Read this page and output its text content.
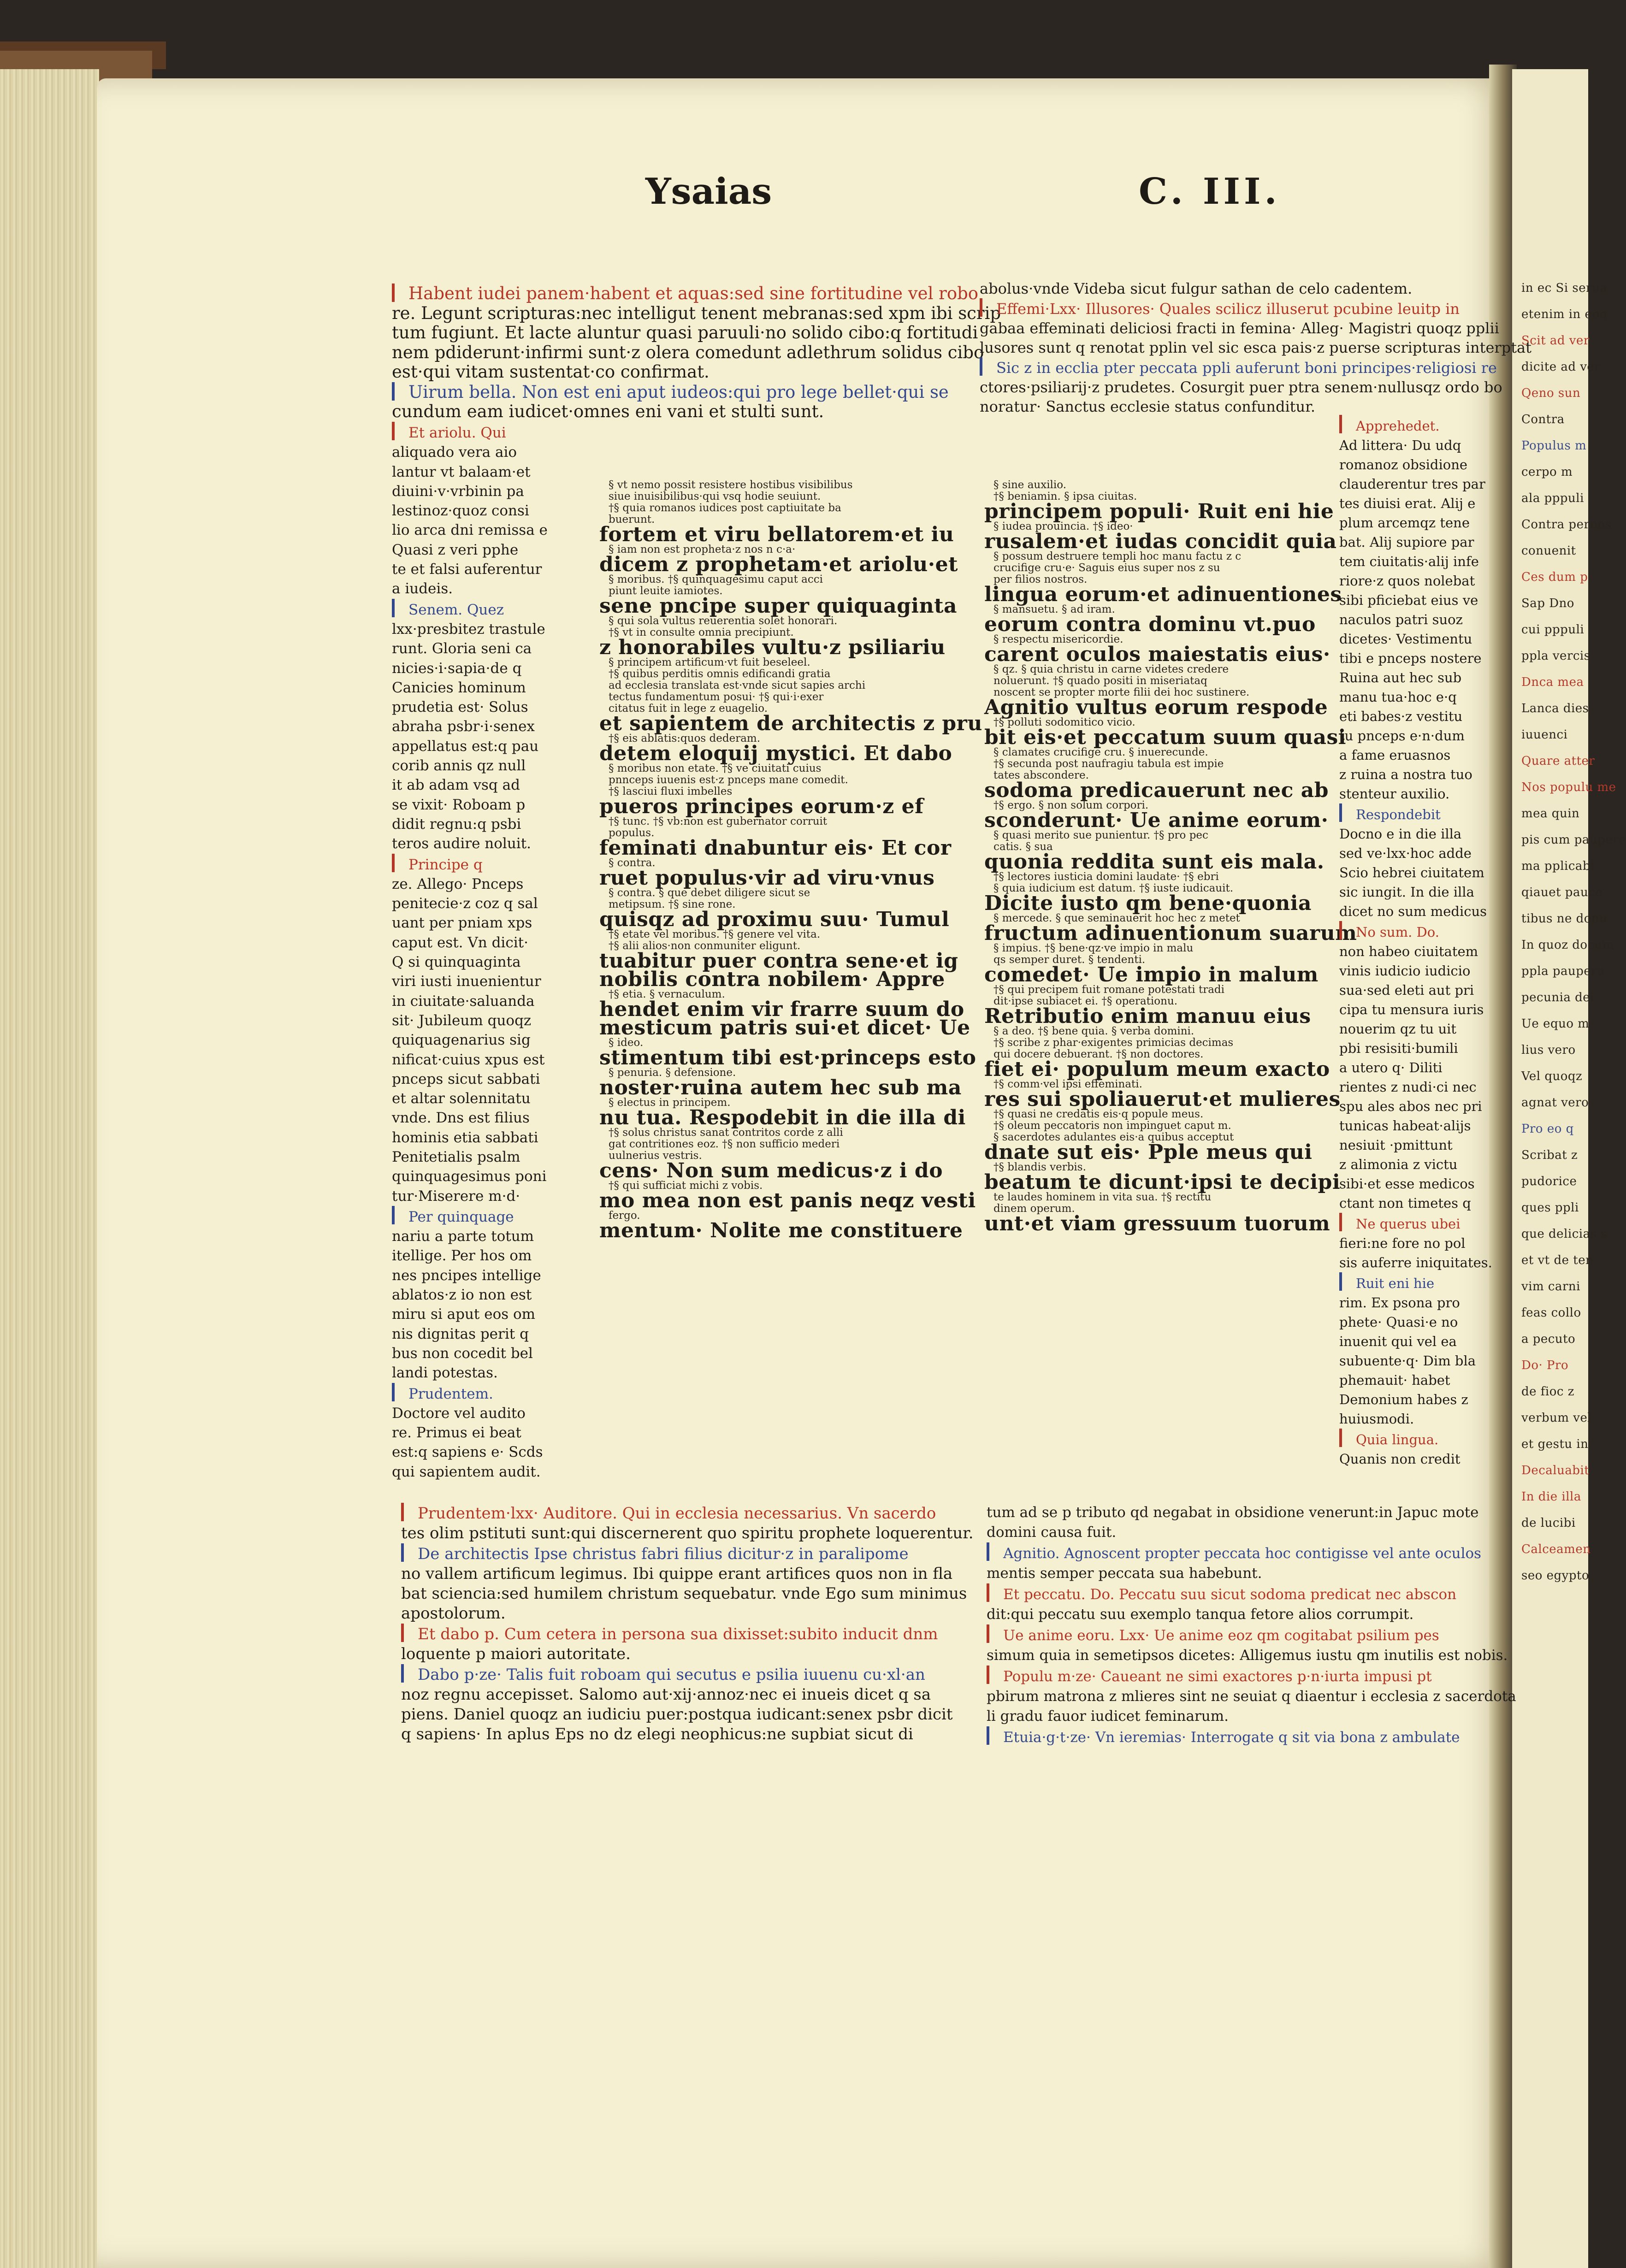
in ec Si serua
etenim in eoq
Scit ad ver
dicite ad ver
Qeno sun
Contra
Populus m
cerpo m
ala pppuli
Contra pernos
conuenit
Ces dum p
Sap Dno
cui pppuli
ppla vercis
Dnca mea
Lanca dies
iuuenci
Quare atter
Nos populu me
mea quin
pis cum paupere
ma pplicabi
qiauet pauce
tibus ne donu
In quoz docum
ppla pauperu
pecunia dei
Ue equo m
lius vero
Vel quoqz
agnat vero
Pro eo q
Scribat z
pudorice
ques ppli
que delicias s
et vt de ten
vim carni
feas collo
a pecuto
Do· Pro
de fioc z
verbum vel
et gestu in
Decaluabit
In die illa
de lucibi
Calceamen
seo egypto
Ysaias	C. III.
Habent iudei panem·habent et aquas:sed sine fortitudine vel robo
re. Legunt scripturas:nec intelligut tenent mebranas:sed xpm ibi scrip
tum fugiunt. Et lacte aluntur quasi paruuli·no solido cibo:q fortitudi
nem pdiderunt·infirmi sunt·z olera comedunt adlethrum solidus cibo
est·qui vitam sustentat·co confirmat.
Uirum bella. Non est eni aput iudeos:qui pro lege bellet·qui se
cundum eam iudicet·omnes eni vani et stulti sunt.
Et ariolu. Qui
aliquado vera aio
lantur vt balaam·et
diuini·v·vrbinin pa
lestinoz·quoz consi
lio arca dni remissa e
Quasi z veri pphe
te et falsi auferentur
a iudeis.
Senem. Quez
lxx·presbitez trastule
runt. Gloria seni ca
nicies·i·sapia·de q
Canicies hominum
prudetia est· Solus
abraha psbr·i·senex
appellatus est:q pau
corib annis qz null
it ab adam vsq ad
se vixit· Roboam p
didit regnu:q psbi
teros audire noluit.
Principe q
ze. Allego· Pnceps
penitecie·z coz q sal
uant per pniam xps
caput est. Vn dicit·
Q si quinquaginta
viri iusti inuenientur
in ciuitate·saluanda
sit· Jubileum quoqz
quiquagenarius sig
nificat·cuius xpus est
pnceps sicut sabbati
et altar solennitatu
vnde. Dns est filius
hominis etia sabbati
Penitetialis psalm
quinquagesimus poni
tur·Miserere m·d·
Per quinquage
nariu a parte totum
itellige. Per hos om
nes pncipes intellige
ablatos·z io non est
miru si aput eos om
nis dignitas perit q
bus non cocedit bel
landi potestas.
Prudentem.
Doctore vel audito
re. Primus ei beat
est:q sapiens e· Scds
qui sapientem audit.
§ vt nemo possit resistere hostibus visibilibus
siue inuisibilibus·qui vsq hodie seuiunt.
†§ quia romanos iudices post captiuitate ba
buerunt.
fortem et viru bellatorem·et iu
§ iam non est propheta·z nos n c·a·
dicem z prophetam·et ariolu·et
§ moribus. †§ quinquagesimu caput acci
piunt leuite iamiotes.
sene pncipe super quiquaginta
§ qui sola vultus reuerentia solet honorari.
†§ vt in consulte omnia precipiunt.
z honorabiles vultu·z psiliariu
§ principem artificum·vt fuit beseleel.
†§ quibus perditis omnis edificandi gratia
ad ecclesia translata est·vnde sicut sapies archi
tectus fundamentum posui· †§ qui·i·exer
citatus fuit in lege z euagelio.
et sapientem de architectis z pru
†§ eis ablatis:quos dederam.
detem eloquij mystici. Et dabo
§ moribus non etate. †§ ve ciuitati cuius
pnnceps iuuenis est·z pnceps mane comedit.
†§ lasciui fluxi imbelles
pueros principes eorum·z ef
†§ tunc. †§ vb:non est gubernator corruit
populus.
feminati dnabuntur eis· Et cor
§ contra.
ruet populus·vir ad viru·vnus
§ contra. § que debet diligere sicut se
metipsum. †§ sine rone.
quisqz ad proximu suu· Tumul
†§ etate vel moribus. †§ genere vel vita.
†§ alii alios·non conmuniter eligunt.
tuabitur puer contra sene·et ig
nobilis contra nobilem· Appre
†§ etia. § vernaculum.
hendet enim vir frarre suum do
mesticum patris sui·et dicet· Ue
§ ideo.
stimentum tibi est·princeps esto
§ penuria. § defensione.
noster·ruina autem hec sub ma
§ electus in principem.
nu tua. Respodebit in die illa di
†§ solus christus sanat contritos corde z alli
gat contritiones eoz. †§ non sufficio mederi
uulnerius vestris.
cens· Non sum medicus·z i do
†§ qui sufficiat michi z vobis.
mo mea non est panis neqz vesti
fergo.
mentum· Nolite me constituere
abolus·vnde Videba sicut fulgur sathan de celo cadentem.
Effemi·Lxx· Illusores· Quales scilicz illuserut pcubine leuitp in
gabaa effeminati deliciosi fracti in femina· Alleg· Magistri quoqz pplii
lusores sunt q renotat pplin vel sic esca pais·z puerse scripturas interptat
Sic z in ecclia pter peccata ppli auferunt boni principes·religiosi re
ctores·psiliarij·z prudetes. Cosurgit puer ptra senem·nullusqz ordo bo
noratur· Sanctus ecclesie status confunditur.
§ sine auxilio.
†§ beniamin. § ipsa ciuitas.
principem populi· Ruit eni hie
§ iudea prouincia. †§ ideo·
rusalem·et iudas concidit quia
§ possum destruere templi hoc manu factu z c
crucifige cru·e· Saguis eius super nos z su
per filios nostros.
lingua eorum·et adinuentiones
§ mansuetu. § ad iram.
eorum contra dominu vt.puo
§ respectu misericordie.
carent oculos maiestatis eius·
§ qz. § quia christu in carne videtes credere
noluerunt. †§ quado positi in miseriataq
noscent se propter morte filii dei hoc sustinere.
Agnitio vultus eorum respode
†§ polluti sodomitico vicio.
bit eis·et peccatum suum quasi
§ clamates crucifige cru. § inuerecunde.
†§ secunda post naufragiu tabula est impie
tates abscondere.
sodoma predicauerunt nec ab
†§ ergo. § non solum corpori.
sconderunt· Ue anime eorum·
§ quasi merito sue punientur. †§ pro pec
catis. § sua
quonia reddita sunt eis mala.
†§ lectores iusticia domini laudate· †§ ebri
§ quia iudicium est datum. †§ iuste iudicauit.
Dicite iusto qm bene·quonia
§ mercede. § que seminauerit hoc hec z metet
fructum adinuentionum suarum
§ impius. †§ bene·qz·ve impio in malu
qs semper duret. § tendenti.
comedet· Ue impio in malum
†§ qui precipem fuit romane potestati tradi
dit·ipse subiacet ei. †§ operationu.
Retributio enim manuu eius
§ a deo. †§ bene quia. § verba domini.
†§ scribe z phar·exigentes primicias decimas
qui docere debuerant. †§ non doctores.
fiet ei· populum meum exacto
†§ comm·vel ipsi effeminati.
res sui spoliauerut·et mulieres
†§ quasi ne credatis eis·q popule meus.
†§ oleum peccatoris non impinguet caput m.
§ sacerdotes adulantes eis·a quibus acceptut
dnate sut eis· Pple meus qui
†§ blandis verbis.
beatum te dicunt·ipsi te decipi
te laudes hominem in vita sua. †§ rectitu
dinem operum.
unt·et viam gressuum tuorum
Apprehedet.
Ad littera· Du udq
romanoz obsidione
clauderentur tres par
tes diuisi erat. Alij e
plum arcemqz tene
bat. Alij supiore par
tem ciuitatis·alij infe
riore·z quos nolebat
sibi pficiebat eius ve
naculos patri suoz
dicetes· Vestimentu
tibi e pnceps nostere
Ruina aut hec sub
manu tua·hoc e·q
eti babes·z vestitu
tu pnceps e·n·dum
a fame eruasnos
z ruina a nostra tuo
stenteur auxilio.
Respondebit
Docno e in die illa
sed ve·lxx·hoc adde
Scio hebrei ciuitatem
sic iungit. In die illa
dicet no sum medicus
No sum. Do.
non habeo ciuitatem
vinis iudicio iudicio
sua·sed eleti aut pri
cipa tu mensura iuris
nouerim qz tu uit
pbi resisiti·bumili
a utero q· Diliti
rientes z nudi·ci nec
spu ales abos nec pri
tunicas habeat·alijs
nesiuit ·pmittunt
z alimonia z victu
sibi·et esse medicos
ctant non timetes q
Ne querus ubei
fieri:ne fore no pol
sis auferre iniquitates.
Ruit eni hie
rim. Ex psona pro
phete· Quasi·e no
inuenit qui vel ea
subuente·q· Dim bla
phemauit· habet
Demonium habes z
huiusmodi.
Quia lingua.
Quanis non credit
Prudentem·lxx· Auditore. Qui in ecclesia necessarius. Vn sacerdo
tes olim pstituti sunt:qui discernerent quo spiritu prophete loquerentur.
De architectis Ipse christus fabri filius dicitur·z in paralipome
no vallem artificum legimus. Ibi quippe erant artifices quos non in fla
bat sciencia:sed humilem christum sequebatur. vnde Ego sum minimus
apostolorum.
Et dabo p. Cum cetera in persona sua dixisset:subito inducit dnm
loquente p maiori autoritate.
Dabo p·ze· Talis fuit roboam qui secutus e psilia iuuenu cu·xl·an
noz regnu accepisset. Salomo aut·xij·annoz·nec ei inueis dicet q sa
piens. Daniel quoqz an iudiciu puer:postqua iudicant:senex psbr dicit
q sapiens· In aplus Eps no dz elegi neophicus:ne supbiat sicut di
tum ad se p tributo qd negabat in obsidione venerunt:in Japuc mote
domini causa fuit.
Agnitio. Agnoscent propter peccata hoc contigisse vel ante oculos
mentis semper peccata sua habebunt.
Et peccatu. Do. Peccatu suu sicut sodoma predicat nec abscon
dit:qui peccatu suu exemplo tanqua fetore alios corrumpit.
Ue anime eoru. Lxx· Ue anime eoz qm cogitabat psilium pes
simum quia in semetipsos dicetes: Alligemus iustu qm inutilis est nobis.
Populu m·ze· Caueant ne simi exactores p·n·iurta impusi pt
pbirum matrona z mlieres sint ne seuiat q diaentur i ecclesia z sacerdota
li gradu fauor iudicet feminarum.
Etuia·g·t·ze· Vn ieremias· Interrogate q sit via bona z ambulate
